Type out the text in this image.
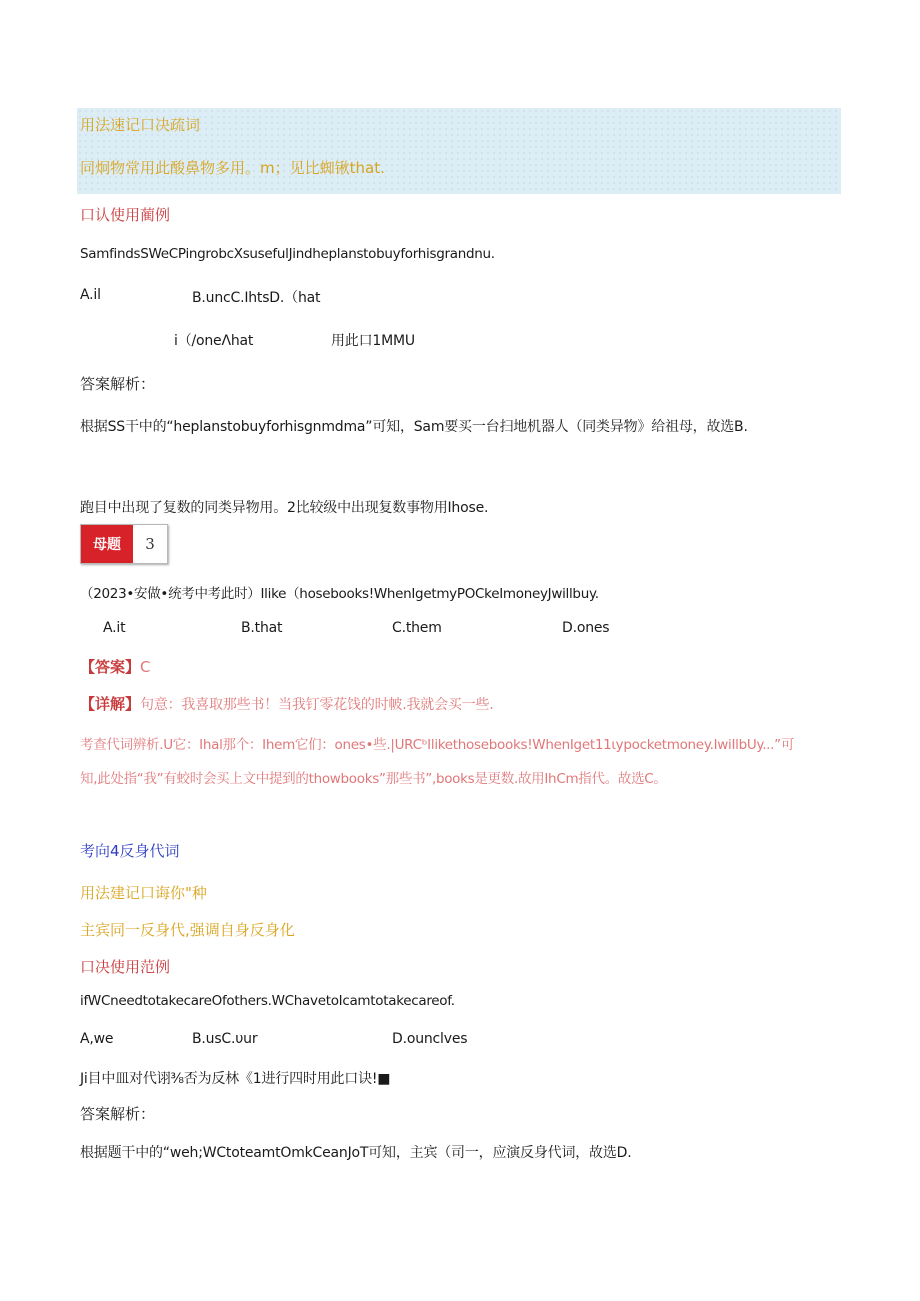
用法速记口决疏词
同炯物常用此酸鼻物多用。m；见比蜘锹that.
口认使用蔺例
SamfindsSWeCPingrobcXsusefulJindheplanstobuyforhisgrandnu.
A.il	B.uncC.IhtsD.（hat
i（/oneΛhat	用此口1MMU
答案解析：
根据SS干中的“heplanstobuyforhisgnmdma”可知，Sam要买一台扫地机器人（同类异物》给祖母，故选B.
跑目中出现了复数的同类异物用。2比较级中出现复数事物用Ihose.
母题	3
（2023•安做•统考中考此时）Ilike（hosebooks!WhenIgetmyPOCkeImoneyJwillbuy.
A.it	B.that	C.them	D.ones
【答案】C
【详解】句意：我喜取那些书！当我钉零花饯的时帔.我就会买一些.
考查代词辨析.U它：Ihal那个：Ihem它们：ones•些.|URCᵇIlikethosebooks!WhenIget11ɩypocketmoney.IwiIlbUy...”可
知,此处指“我”有蛟时会买上文中提到的thowbooks”那些书”,books是更数.故用IhCm指代。故选C。
考向4反身代词
用法建记口诲你"种
主宾同一反身代,强调自身反身化
口决使用范例
ifWCneedtotakecareOfothers.WChavetoIcamtotakecareof.
A,we	B.usC.υur	D.ounclves
Ji目中皿对代诩⅜否为反林《1进行四时用此口诀!■
答案解析：
根据题干中的“weh;WCtoteamtOmkCeanJoT可知，主宾（司一，应演反身代词，故选D.
